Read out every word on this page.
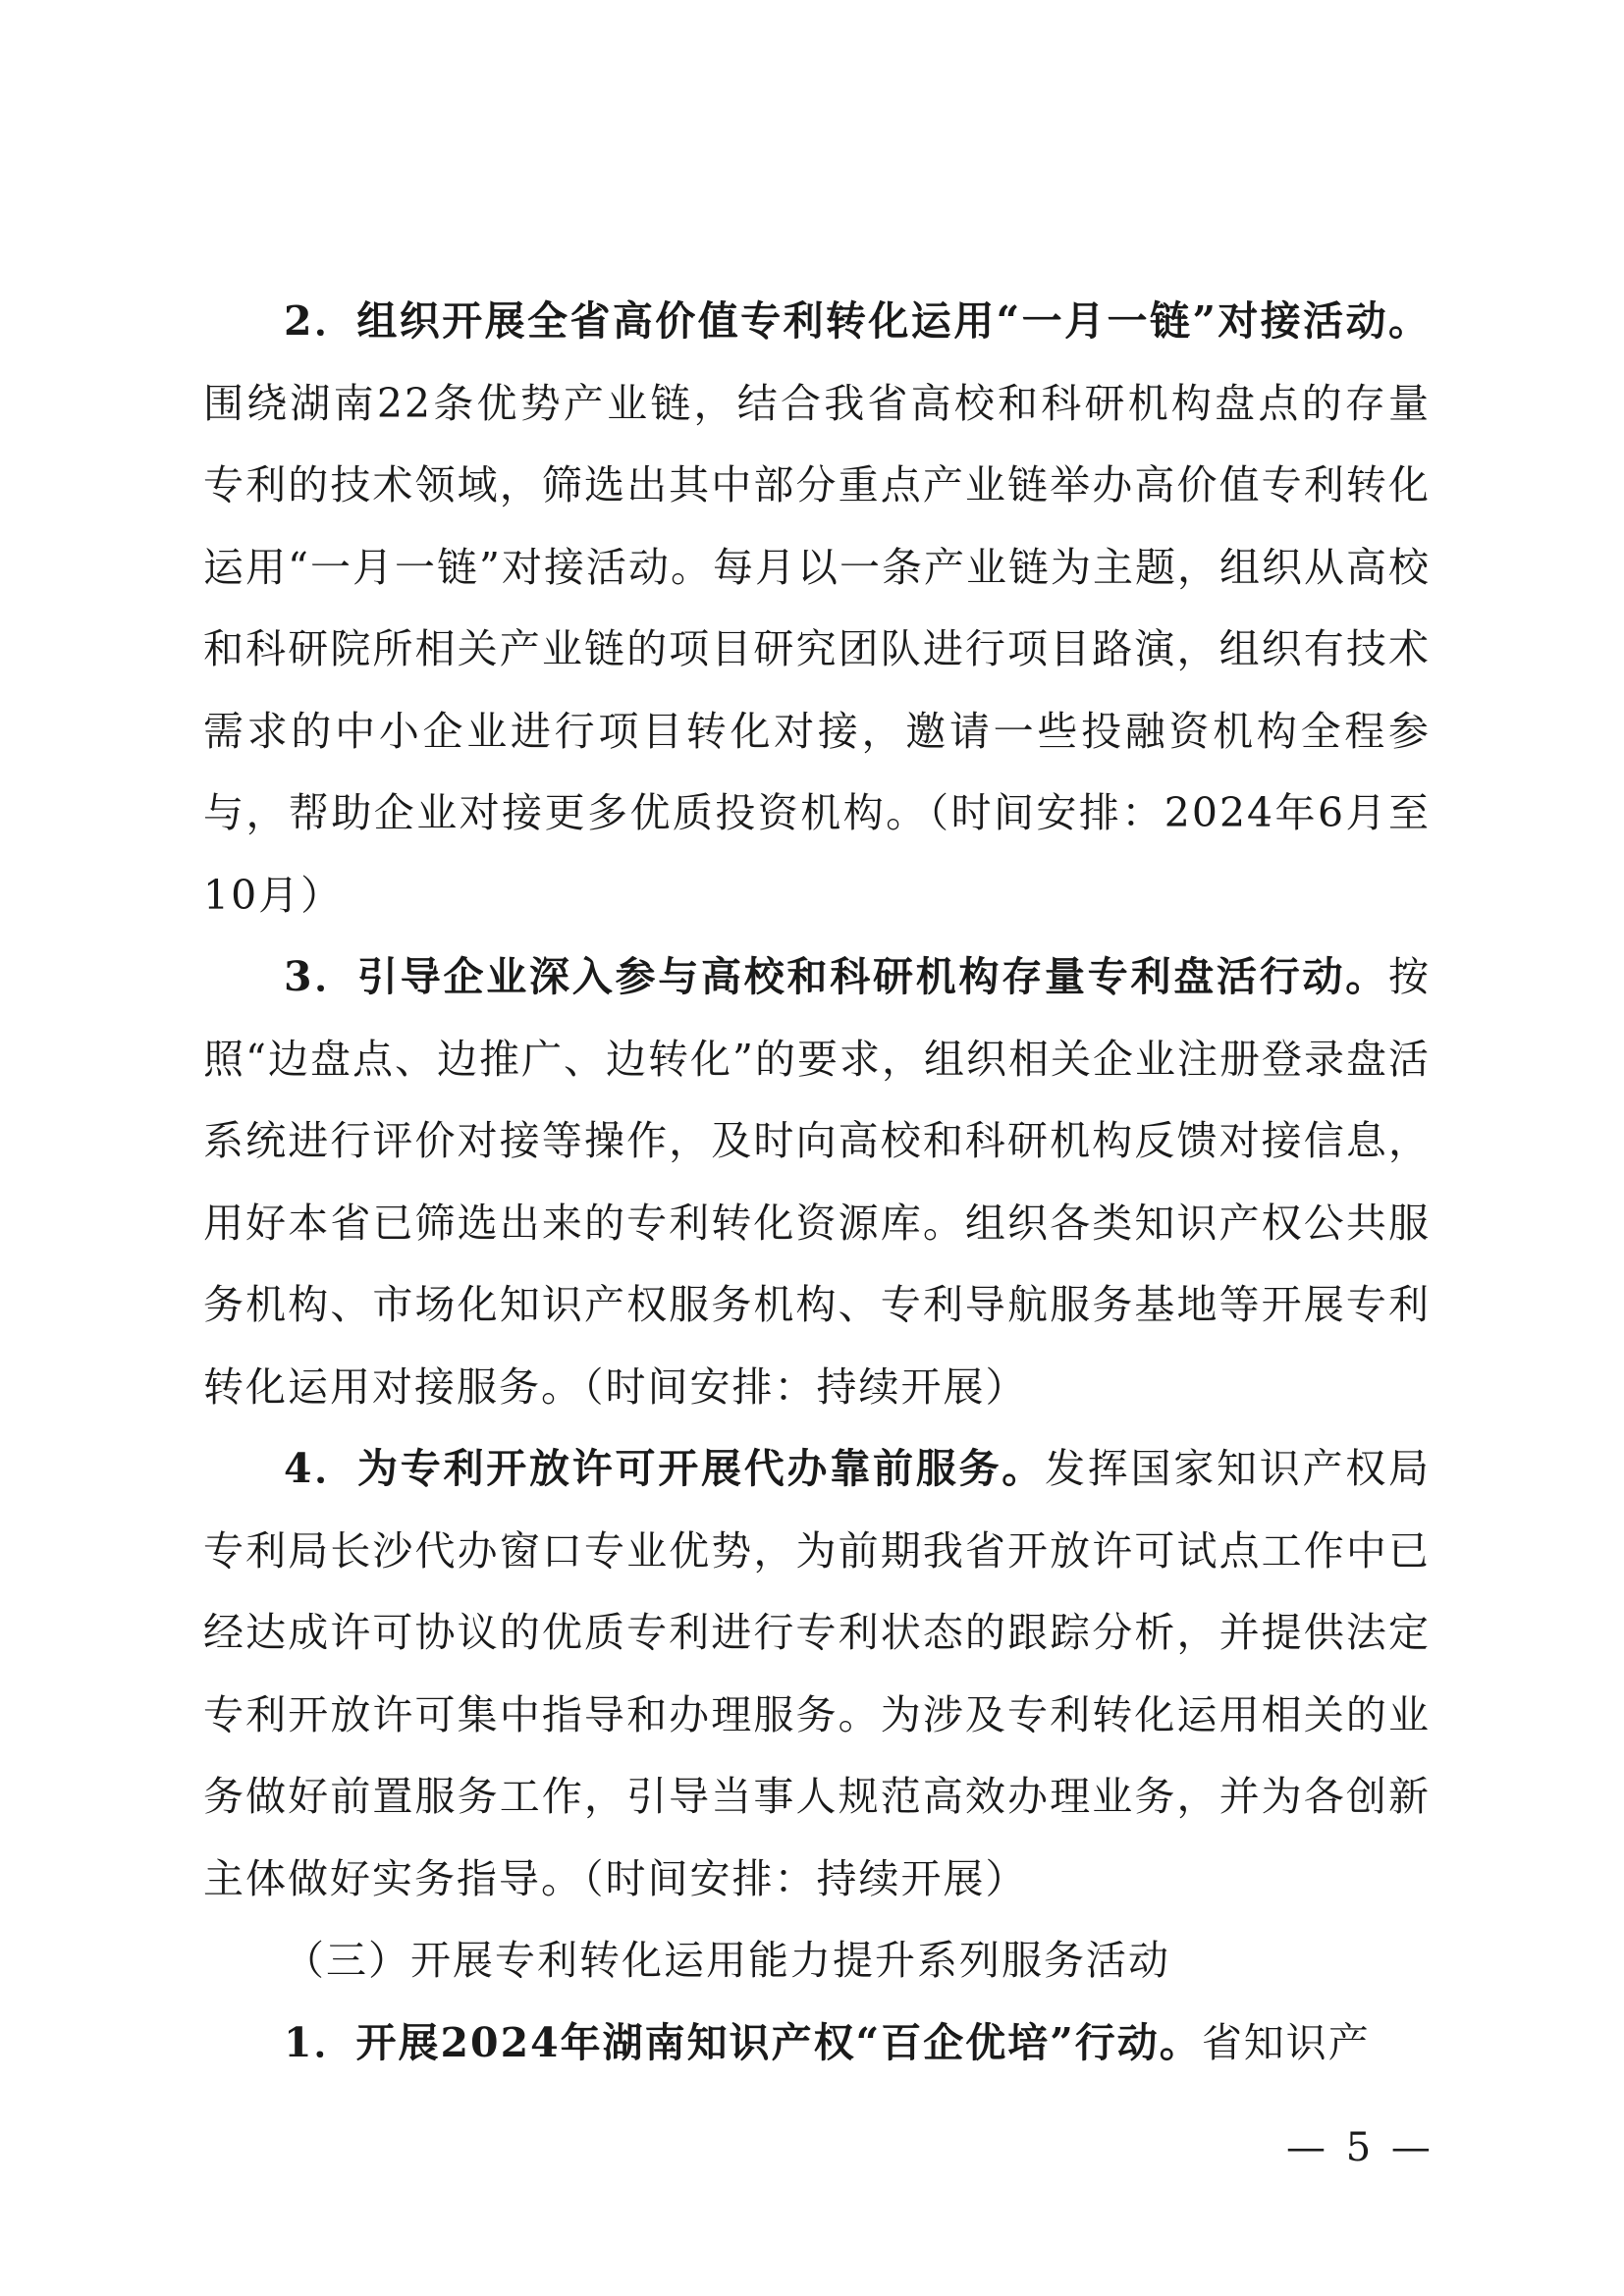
2．组织开展全省高价值专利转化运用“一月一链”对接活动。围绕湖南22条优势产业链，结合我省高校和科研机构盘点的存量专利的技术领域，筛选出其中部分重点产业链举办高价值专利转化运用“一月一链”对接活动。每月以一条产业链为主题，组织从高校和科研院所相关产业链的项目研究团队进行项目路演，组织有技术需求的中小企业进行项目转化对接，邀请一些投融资机构全程参与，帮助企业对接更多优质投资机构。（时间安排：2024年6月至10月）

3．引导企业深入参与高校和科研机构存量专利盘活行动。按照“边盘点、边推广、边转化”的要求，组织相关企业注册登录盘活系统进行评价对接等操作，及时向高校和科研机构反馈对接信息，用好本省已筛选出来的专利转化资源库。组织各类知识产权公共服务机构、市场化知识产权服务机构、专利导航服务基地等开展专利转化运用对接服务。（时间安排：持续开展）

4．为专利开放许可开展代办靠前服务。发挥国家知识产权局专利局长沙代办窗口专业优势，为前期我省开放许可试点工作中已经达成许可协议的优质专利进行专利状态的跟踪分析，并提供法定专利开放许可集中指导和办理服务。为涉及专利转化运用相关的业务做好前置服务工作，引导当事人规范高效办理业务，并为各创新主体做好实务指导。（时间安排：持续开展）

（三）开展专利转化运用能力提升系列服务活动

1．开展2024年湖南知识产权“百企优培”行动。省知识产

— 5 —
